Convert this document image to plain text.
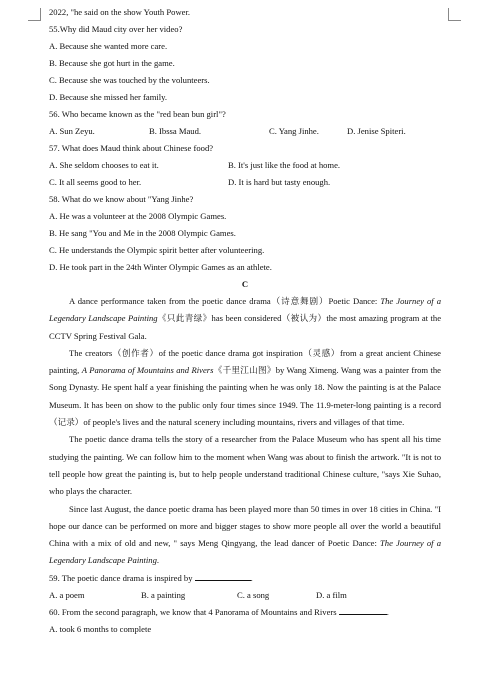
2022, "he said on the show Youth Power.
55.Why did Maud city over her video?
A. Because she wanted more care.
B. Because she got hurt in the game.
C. Because she was touched by the volunteers.
D. Because she missed her family.
56. Who became known as the "red bean bun girl"?
A. Sun Zeyu.	B. Ibssa Maud.	C. Yang Jinhe.	D. Jenise Spiteri.
57. What does Maud think about Chinese food?
A. She seldom chooses to eat it.	B. It's just like the food at home.
C. It all seems good to her.	D. It is hard but tasty enough.
58. What do we know about "Yang Jinhe?
A. He was a volunteer at the 2008 Olympic Games.
B. He sang "You and Me in the 2008 Olympic Games.
C. He understands the Olympic spirit better after volunteering.
D. He took part in the 24th Winter Olympic Games as an athlete.
C

A dance performance taken from the poetic dance drama（诗意舞剧）Poetic Dance: The Journey of a Legendary Landscape Painting《只此青绿》has been considered（被认为）the most amazing program at the CCTV Spring Festival Gala.

The creators（创作者）of the poetic dance drama got inspiration（灵感）from a great ancient Chinese painting, A Panorama of Mountains and Rivers《千里江山图》by Wang Ximeng. Wang was a painter from the Song Dynasty. He spent half a year finishing the painting when he was only 18. Now the painting is at the Palace Museum. It has been on show to the public only four times since 1949. The 11.9-meter-long painting is a record（记录）of people's lives and the natural scenery including mountains, rivers and villages of that time.

The poetic dance drama tells the story of a researcher from the Palace Museum who has spent all his time studying the painting. We can follow him to the moment when Wang was about to finish the artwork. "It is not to tell people how great the painting is, but to help people understand traditional Chinese culture, "says Xie Suhao, who plays the character.

Since last August, the dance poetic drama has been played more than 50 times in over 18 cities in China. "I hope our dance can be performed on more and bigger stages to show more people all over the world a beautiful China with a mix of old and new, " says Meng Qingyang, the lead dancer of Poetic Dance: The Journey of a Legendary Landscape Painting.

59. The poetic dance drama is inspired by	.
A. a poem	B. a painting	C. a song	D. a film
60. From the second paragraph, we know that 4 Panorama of Mountains and Rivers	.
A. took 6 months to complete
